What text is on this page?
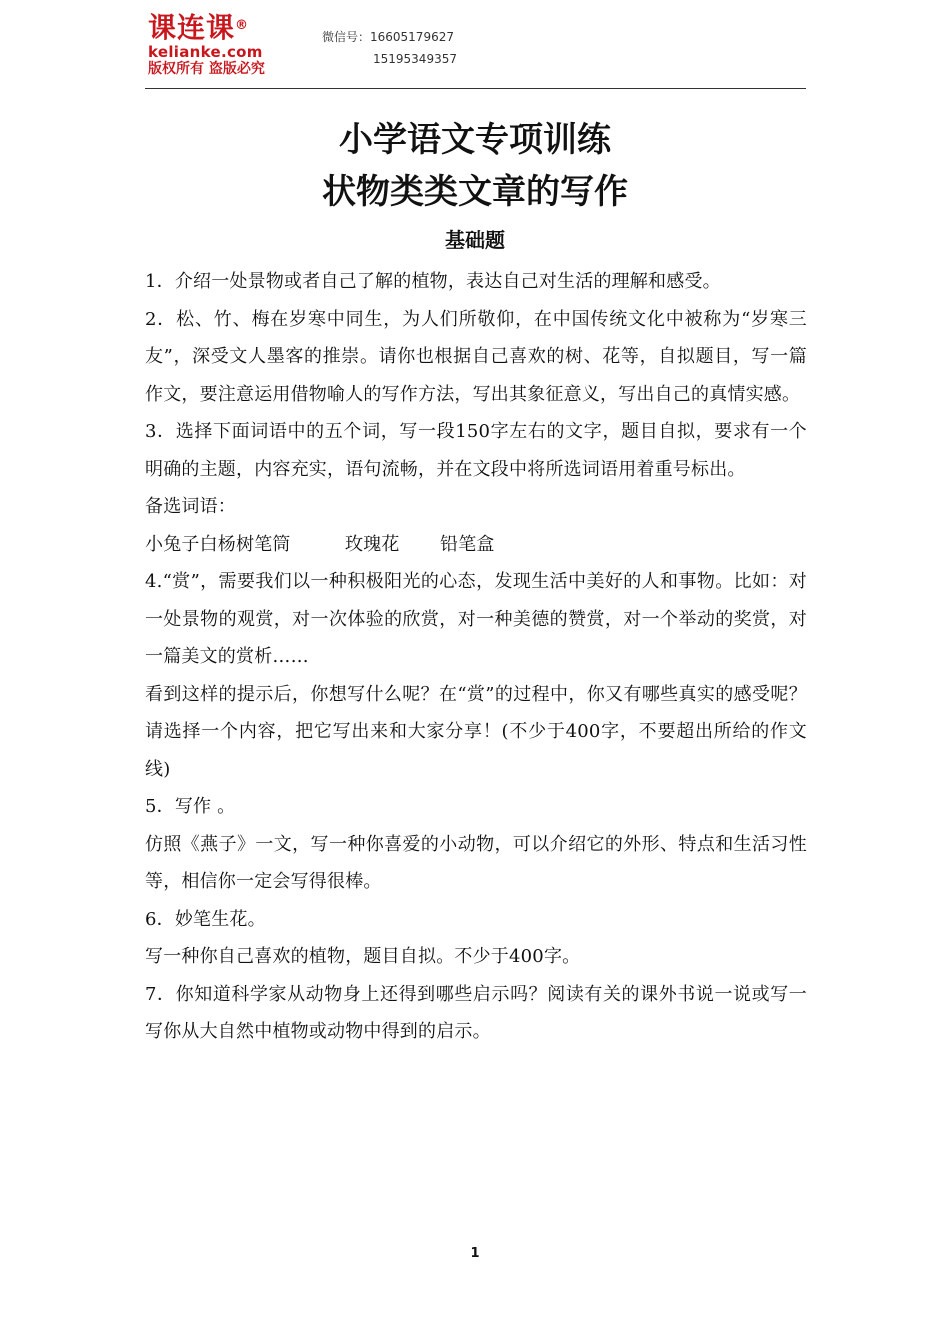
课连课®
kelianke.com
版权所有 盗版必究
微信号：16605179627
15195349357
小学语文专项训练
状物类类文章的写作
基础题

1．介绍一处景物或者自己了解的植物，表达自己对生活的理解和感受。

2．松、竹、梅在岁寒中同生，为人们所敬仰，在中国传统文化中被称为“岁寒三友”，深受文人墨客的推崇。请你也根据自己喜欢的树、花等，自拟题目，写一篇作文，要注意运用借物喻人的写作方法，写出其象征意义，写出自己的真情实感。

3．选择下面词语中的五个词，写一段150字左右的文字，题目自拟，要求有一个明确的主题，内容充实，语句流畅，并在文段中将所选词语用着重号标出。

备选词语：

小兔子白杨树笔筒	玫瑰花 铅笔盒

4.“赏”，需要我们以一种积极阳光的心态，发现生活中美好的人和事物。比如：对一处景物的观赏，对一次体验的欣赏，对一种美德的赞赏，对一个举动的奖赏，对一篇美文的赏析……

看到这样的提示后，你想写什么呢？在“赏”的过程中，你又有哪些真实的感受呢？请选择一个内容，把它写出来和大家分享！(不少于400字，不要超出所给的作文线)

5．写作 。

仿照《燕子》一文，写一种你喜爱的小动物，可以介绍它的外形、特点和生活习性等，相信你一定会写得很棒。

6．妙笔生花。

写一种你自己喜欢的植物，题目自拟。不少于400字。

7．你知道科学家从动物身上还得到哪些启示吗？阅读有关的课外书说一说或写一写你从大自然中植物或动物中得到的启示。

1
